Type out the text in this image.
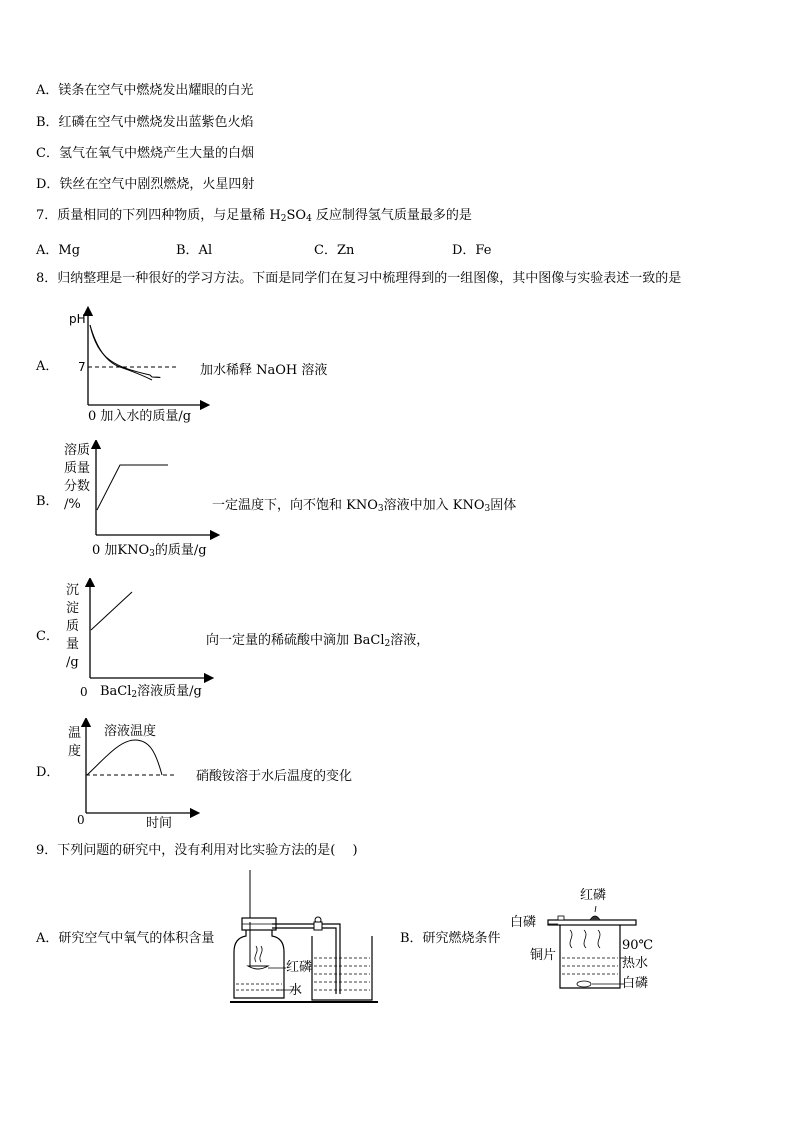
A．镁条在空气中燃烧发出耀眼的白光
B．红磷在空气中燃烧发出蓝紫色火焰
C．氢气在氧气中燃烧产生大量的白烟
D．铁丝在空气中剧烈燃烧，火星四射
7．质量相同的下列四种物质，与足量稀 $H_2SO_4$ 反应制得氢气质量最多的是
A．Mg	B．Al	C．Zn	D．Fe
8．归纳整理是一种很好的学习方法。下面是同学们在复习中梳理得到的一组图像，其中图像与实验表述一致的是
A．
pH
7
0 加入水的质量/g
加水稀释 NaOH 溶液
B．
溶质
质量
分数
/%
0 加$KNO_3$的质量/g
一定温度下，向不饱和 $KNO_3$溶液中加入 $KNO_3$固体
C．
沉
淀
质
量
/g
0 BaCl$_2$溶液质量/g
向一定量的稀硫酸中滴加 BaCl$_2$溶液，
D．
温
度
溶液温度
0	时间
硝酸铵溶于水后温度的变化
9．下列问题的研究中，没有利用对比实验方法的是(　 )
A．研究空气中氧气的体积含量
红磷
水
B．研究燃烧条件
红磷
白磷
铜片
90℃
热水
白磷
